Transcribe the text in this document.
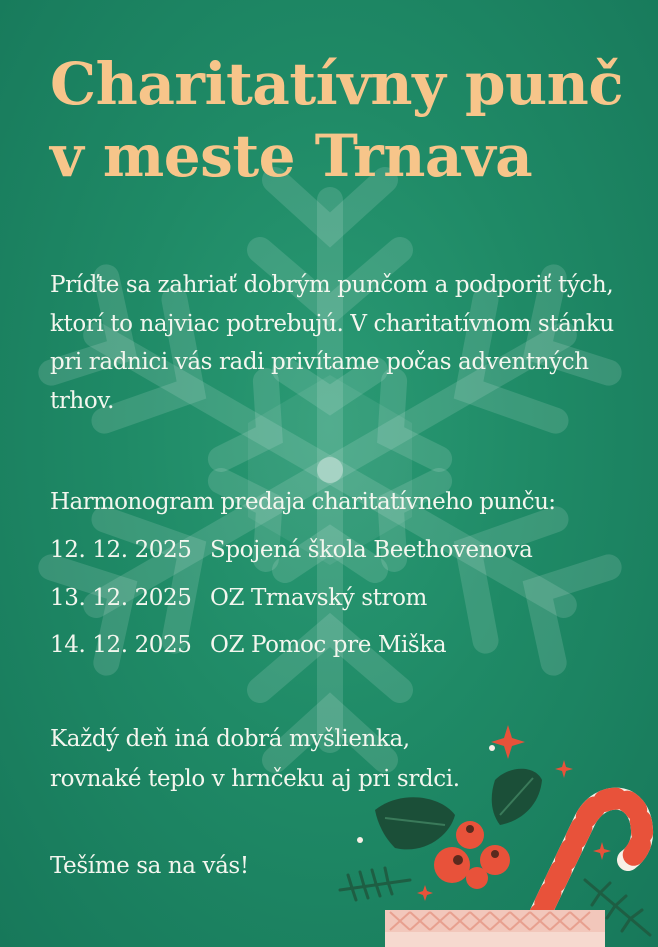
Charitatívny punč
v meste Trnava

Príďte sa zahriať dobrým punčom a podporiť tých, ktorí to najviac potrebujú. V charitatívnom stánku pri radnici vás radi privítame počas adventných trhov.

Harmonogram predaja charitatívneho punču:

12. 12. 2025 Spojená škola Beethovenova
13. 12. 2025 OZ Trnavský strom
14. 12. 2025 OZ Pomoc pre Miška

Každý deň iná dobrá myšlienka,
rovnaké teplo v hrnčeku aj pri srdci.

Tešíme sa na vás!
